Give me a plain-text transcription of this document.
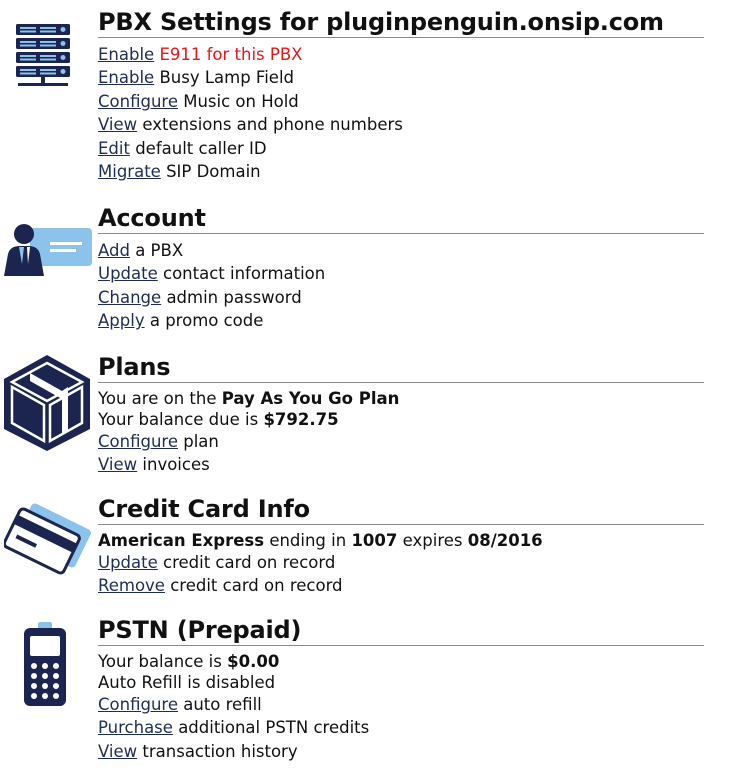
PBX Settings for pluginpenguin.onsip.com
Enable E911 for this PBX
Enable Busy Lamp Field
Configure Music on Hold
View extensions and phone numbers
Edit default caller ID
Migrate SIP Domain
Account
Add a PBX
Update contact information
Change admin password
Apply a promo code
Plans
You are on the Pay As You Go Plan
Your balance due is $792.75
Configure plan
View invoices
Credit Card Info
American Express ending in 1007 expires 08/2016
Update credit card on record
Remove credit card on record
PSTN (Prepaid)
Your balance is $0.00
Auto Refill is disabled
Configure auto refill
Purchase additional PSTN credits
View transaction history
